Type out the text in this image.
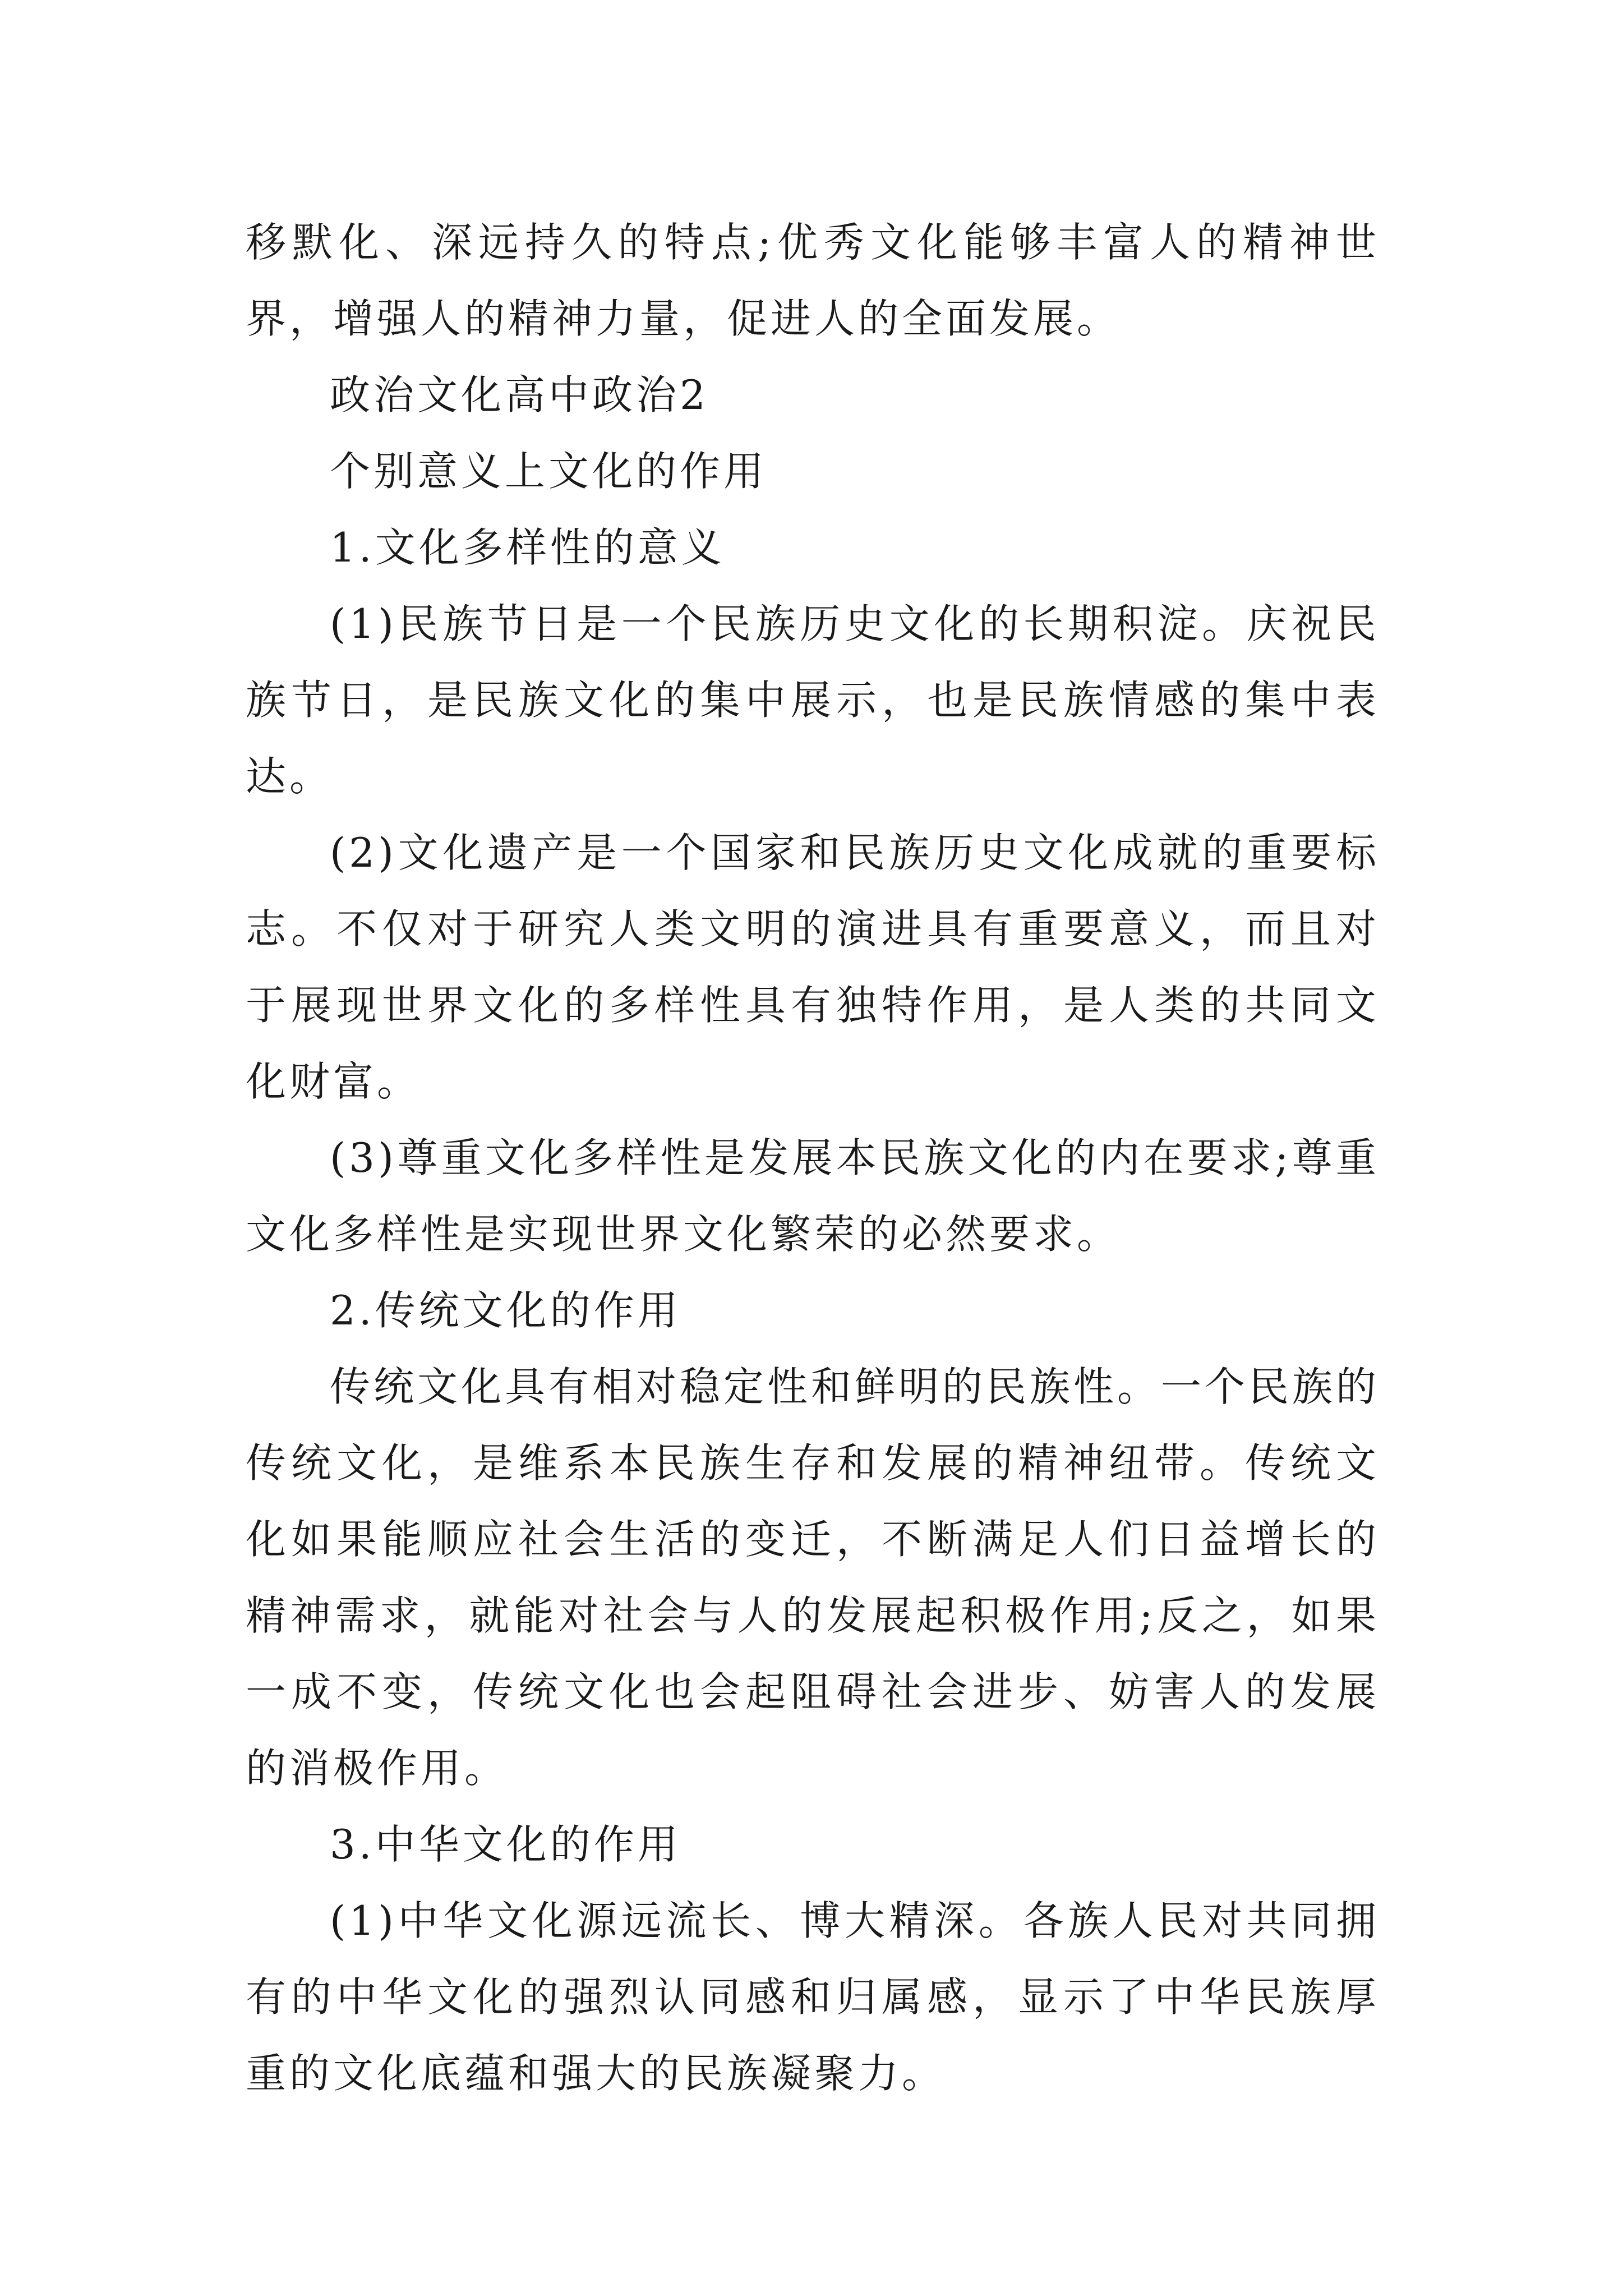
移默化、深远持久的特点;优秀文化能够丰富人的精神世界，增强人的精神力量，促进人的全面发展。

政治文化高中政治2

个别意义上文化的作用

1.文化多样性的意义

(1)民族节日是一个民族历史文化的长期积淀。庆祝民族节日，是民族文化的集中展示，也是民族情感的集中表达。

(2)文化遗产是一个国家和民族历史文化成就的重要标志。不仅对于研究人类文明的演进具有重要意义，而且对于展现世界文化的多样性具有独特作用，是人类的共同文化财富。

(3)尊重文化多样性是发展本民族文化的内在要求;尊重文化多样性是实现世界文化繁荣的必然要求。

2.传统文化的作用

传统文化具有相对稳定性和鲜明的民族性。一个民族的传统文化，是维系本民族生存和发展的精神纽带。传统文化如果能顺应社会生活的变迁，不断满足人们日益增长的精神需求，就能对社会与人的发展起积极作用;反之，如果一成不变，传统文化也会起阻碍社会进步、妨害人的发展的消极作用。

3.中华文化的作用

(1)中华文化源远流长、博大精深。各族人民对共同拥有的中华文化的强烈认同感和归属感，显示了中华民族厚重的文化底蕴和强大的民族凝聚力。
